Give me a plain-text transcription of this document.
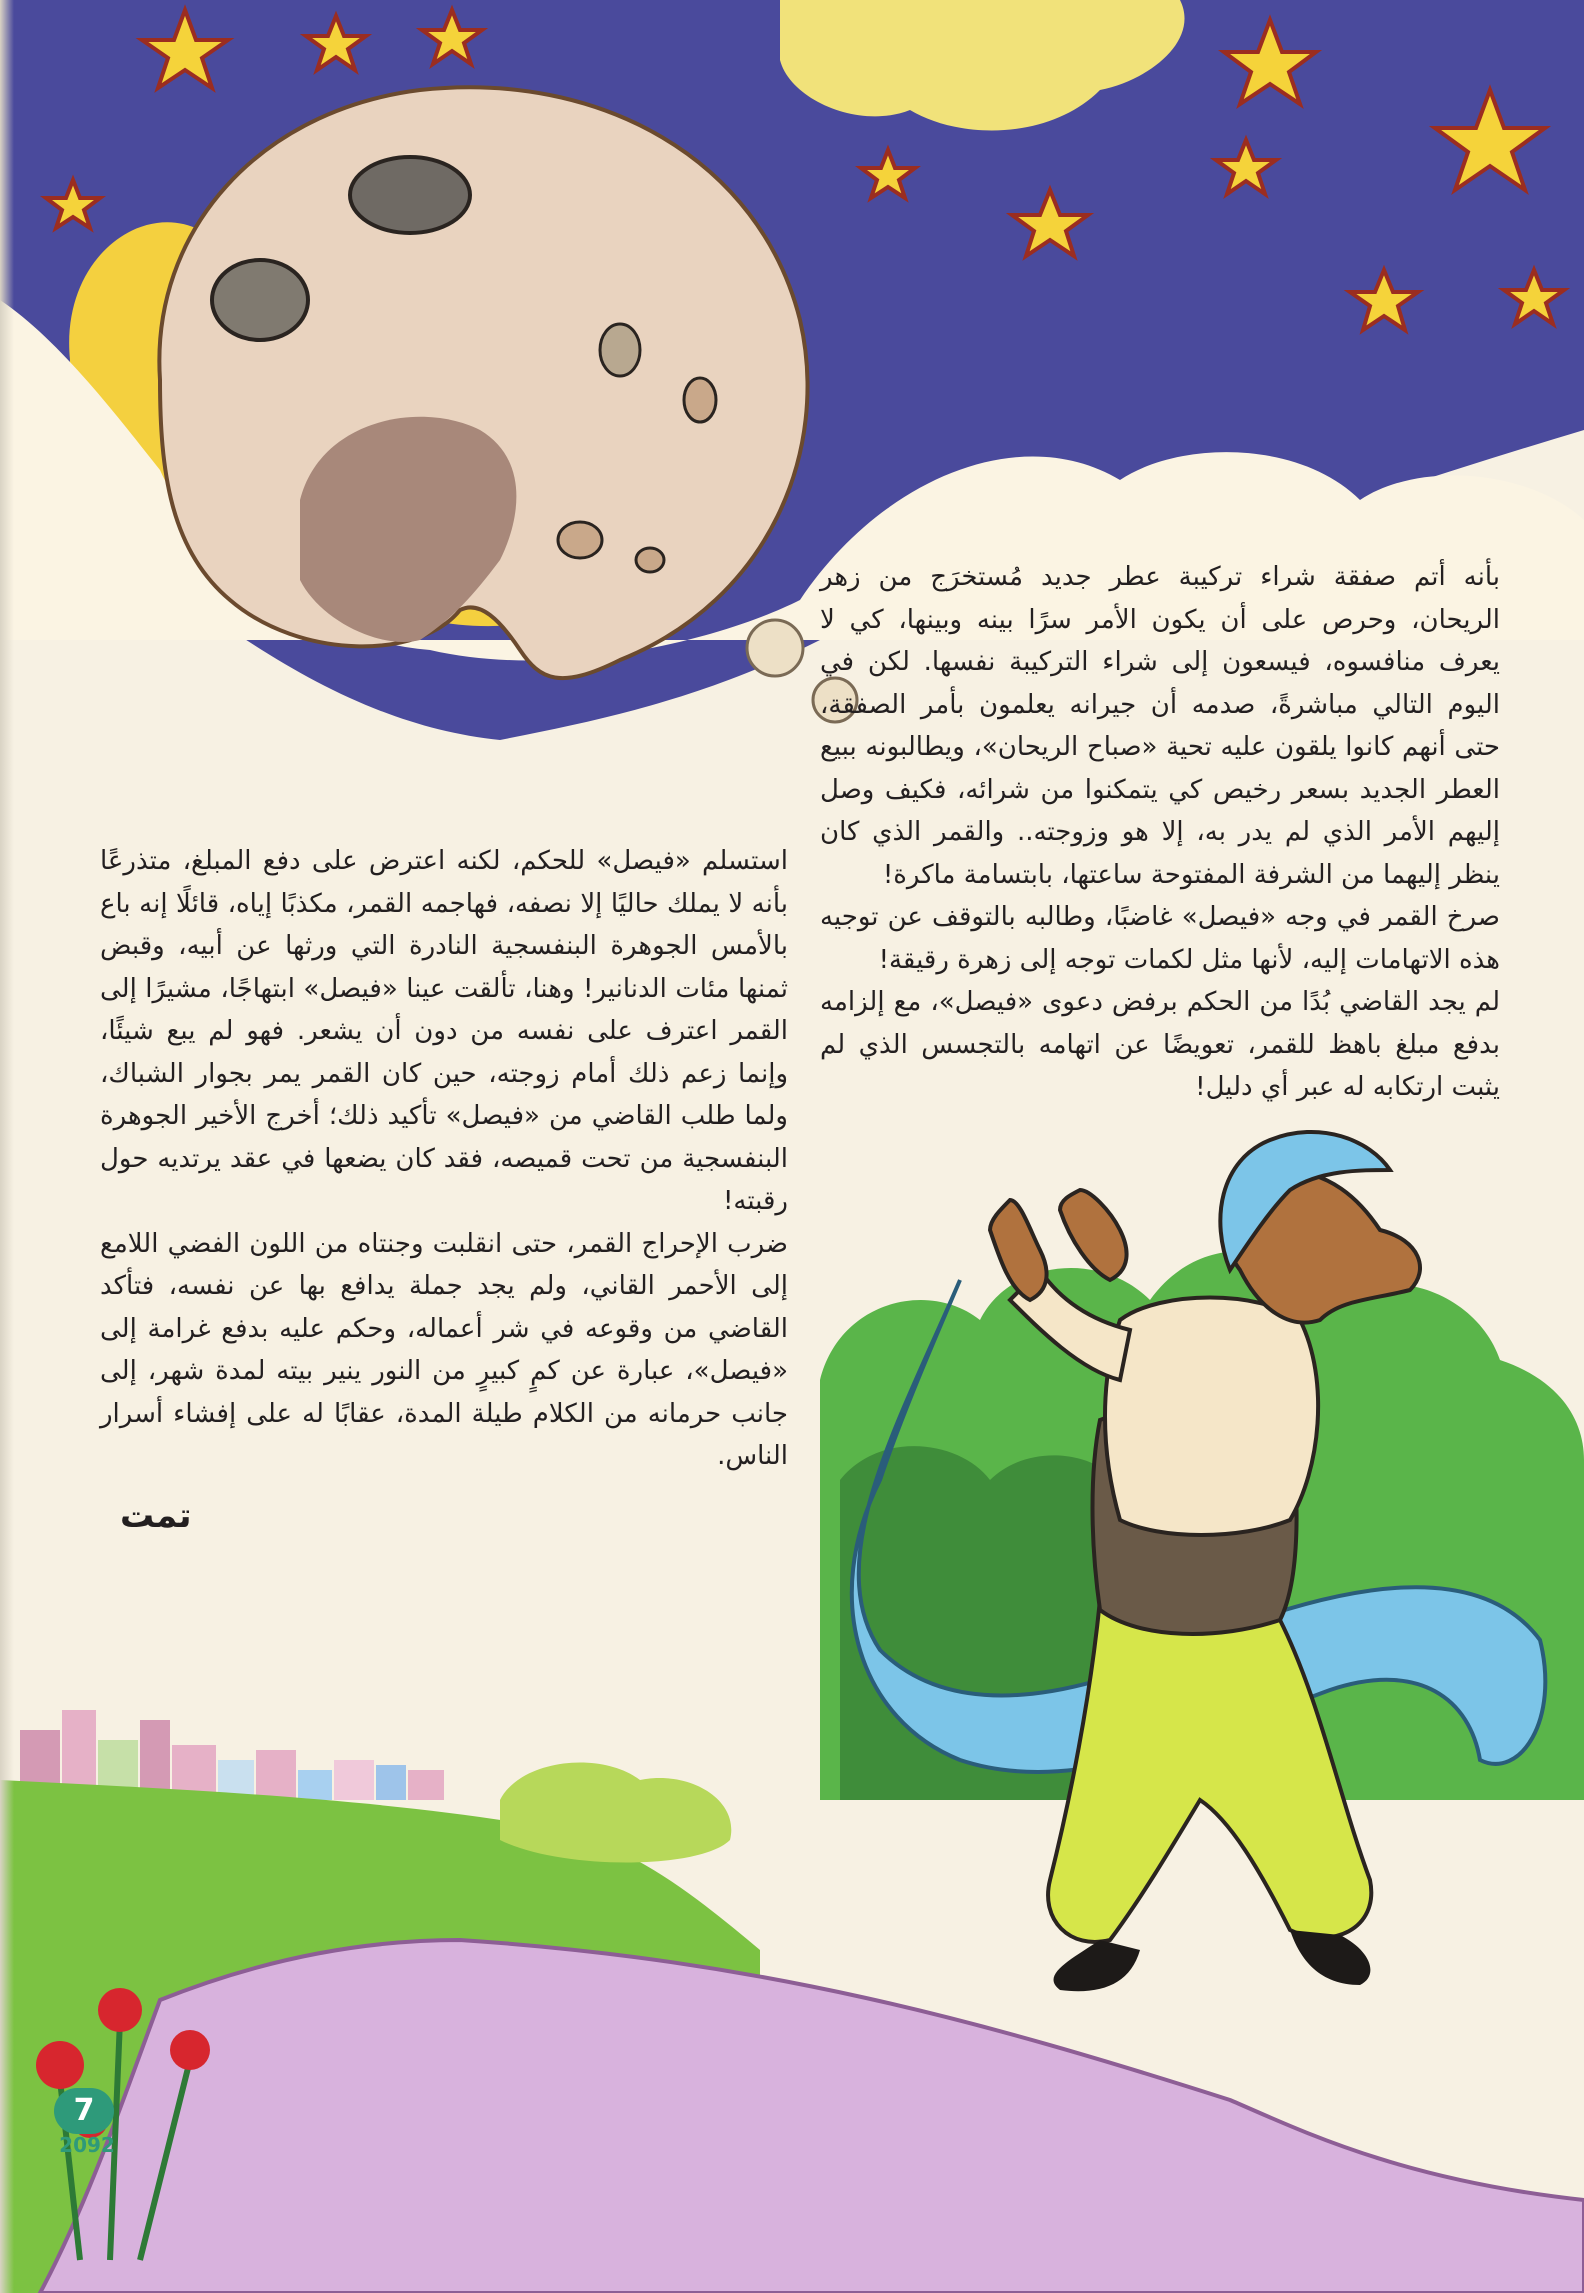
بأنه أتم صفقة شراء تركيبة عطر جديد مُستخرَج من زهر الريحان، وحرص على أن يكون الأمر سرًا بينه وبينها، كي لا يعرف منافسوه، فيسعون إلى شراء التركيبة نفسها. لكن في اليوم التالي مباشرةً، صدمه أن جيرانه يعلمون بأمر الصفقة، حتى أنهم كانوا يلقون عليه تحية «صباح الريحان»، ويطالبونه ببيع العطر الجديد بسعر رخيص كي يتمكنوا من شرائه، فكيف وصل إليهم الأمر الذي لم يدر به، إلا هو وزوجته.. والقمر الذي كان ينظر إليهما من الشرفة المفتوحة ساعتها، بابتسامة ماكرة!

صرخ القمر في وجه «فيصل» غاضبًا، وطالبه بالتوقف عن توجيه هذه الاتهامات إليه، لأنها مثل لكمات توجه إلى زهرة رقيقة!

لم يجد القاضي بُدًا من الحكم برفض دعوى «فيصل»، مع إلزامه بدفع مبلغ باهظ للقمر، تعويضًا عن اتهامه بالتجسس الذي لم يثبت ارتكابه له عبر أي دليل!

استسلم «فيصل» للحكم، لكنه اعترض على دفع المبلغ، متذرعًا بأنه لا يملك حاليًا إلا نصفه، فهاجمه القمر، مكذبًا إياه، قائلًا إنه باع بالأمس الجوهرة البنفسجية النادرة التي ورثها عن أبيه، وقبض ثمنها مئات الدنانير! وهنا، تألقت عينا «فيصل» ابتهاجًا، مشيرًا إلى القمر اعترف على نفسه من دون أن يشعر. فهو لم يبع شيئًا، وإنما زعم ذلك أمام زوجته، حين كان القمر يمر بجوار الشباك، ولما طلب القاضي من «فيصل» تأكيد ذلك؛ أخرج الأخير الجوهرة البنفسجية من تحت قميصه، فقد كان يضعها في عقد يرتديه حول رقبته!

ضرب الإحراج القمر، حتى انقلبت وجنتاه من اللون الفضي اللامع إلى الأحمر القاني، ولم يجد جملة يدافع بها عن نفسه، فتأكد القاضي من وقوعه في شر أعماله، وحكم عليه بدفع غرامة إلى «فيصل»، عبارة عن كمٍ كبيرٍ من النور ينير بيته لمدة شهر، إلى جانب حرمانه من الكلام طيلة المدة، عقابًا له على إفشاء أسرار الناس.

تمت
7
2092
